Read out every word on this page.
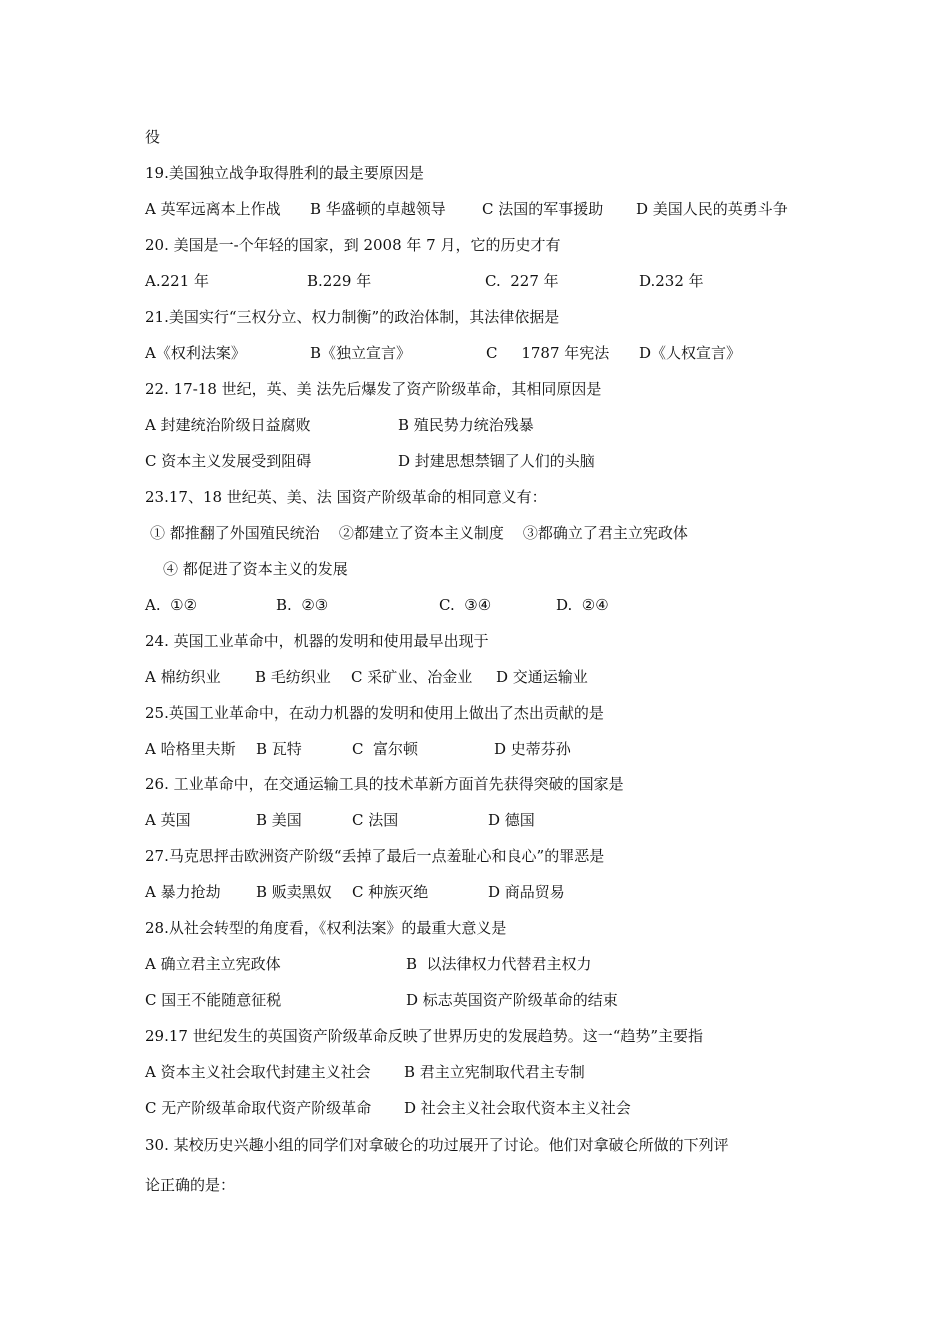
役
19.美国独立战争取得胜利的最主要原因是
A 英军远离本上作战 B 华盛顿的卓越领导 C 法国的军事援助 D 美国人民的英勇斗争
20. 美国是一-个年轻的国家，到 2008 年 7 月，它的历史才有
A.221 年	B.229 年	C.  227 年	D.232 年
21.美国实行“三权分立、权力制衡”的政治体制，其法律依据是
A《权利法案》	B《独立宣言》	C     1787 年宪法 D《人权宣言》
22. 17-18 世纪，英、美 法先后爆发了资产阶级革命，其相同原因是
A 封建统治阶级日益腐败	B 殖民势力统治残暴
C 资本主义发展受到阻碍	D 封建思想禁锢了人们的头脑
23.17、18 世纪英、美、法 国资产阶级革命的相同意义有：
① 都推翻了外国殖民统治    ②都建立了资本主义制度    ③都确立了君主立宪政体
④ 都促进了资本主义的发展
A.  ①②	B.  ②③	C.  ③④	D.  ②④
24. 英国工业革命中，机器的发明和使用最早出现于
A 棉纺织业 B 毛纺织业 C 采矿业、冶金业 D 交通运输业
25.英国工业革命中，在动力机器的发明和使用上做出了杰出贡献的是
A 哈格里夫斯 B 瓦特	C  富尔顿	D 史蒂芬孙
26. 工业革命中，在交通运输工具的技术革新方面首先获得突破的国家是
A 英国	B 美国	C 法国	D 德国
27.马克思抨击欧洲资产阶级“丢掉了最后一点羞耻心和良心”的罪恶是
A 暴力抢劫 B 贩卖黑奴 C 种族灭绝	D 商品贸易
28.从社会转型的角度看，《权利法案》的最重大意义是
A 确立君主立宪政体	B  以法律权力代替君主权力
C 国王不能随意征税	D 标志英国资产阶级革命的结束
29.17 世纪发生的英国资产阶级革命反映了世界历史的发展趋势。这一“趋势”主要指
A 资本主义社会取代封建主义社会 B 君主立宪制取代君主专制
C 无产阶级革命取代资产阶级革命 D 社会主义社会取代资本主义社会
30. 某校历史兴趣小组的同学们对拿破仑的功过展开了讨论。他们对拿破仑所做的下列评
论正确的是：
